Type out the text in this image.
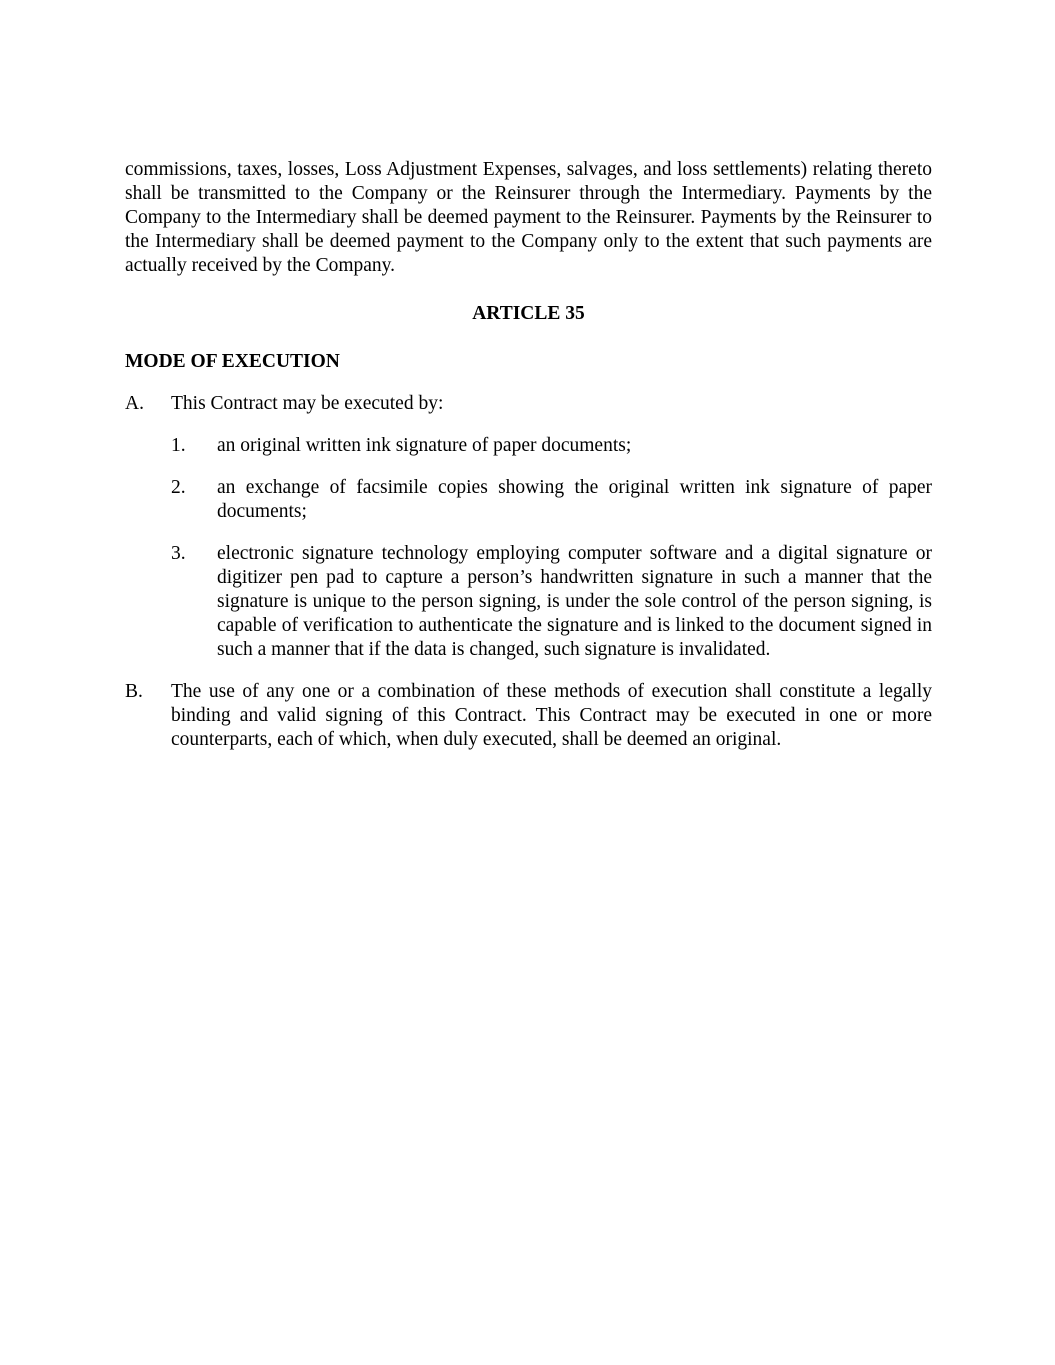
commissions, taxes, losses, Loss Adjustment Expenses, salvages, and loss settlements) relating thereto shall be transmitted to the Company or the Reinsurer through the Intermediary. Payments by the Company to the Intermediary shall be deemed payment to the Reinsurer. Payments by the Reinsurer to the Intermediary shall be deemed payment to the Company only to the extent that such payments are actually received by the Company.

ARTICLE 35

MODE OF EXECUTION

A.	This Contract may be executed by:
1.	an original written ink signature of paper documents;
2.	an exchange of facsimile copies showing the original written ink signature of paper documents;
3.	electronic signature technology employing computer software and a digital signature or digitizer pen pad to capture a person’s handwritten signature in such a manner that the signature is unique to the person signing, is under the sole control of the person signing, is capable of verification to authenticate the signature and is linked to the document signed in such a manner that if the data is changed, such signature is invalidated.
B.	The use of any one or a combination of these methods of execution shall constitute a legally binding and valid signing of this Contract. This Contract may be executed in one or more counterparts, each of which, when duly executed, shall be deemed an original.
